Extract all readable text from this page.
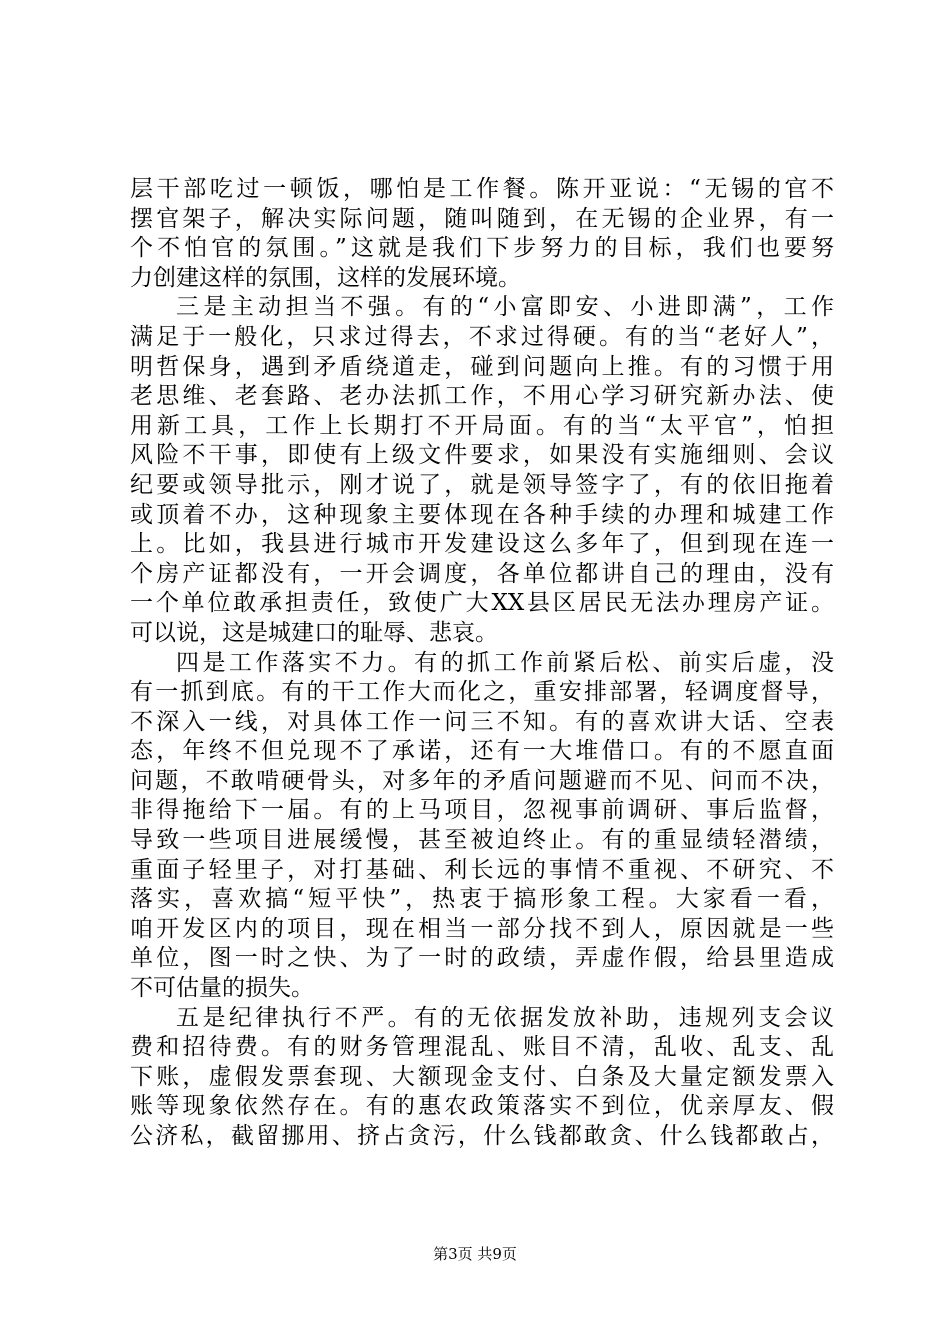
层干部吃过一顿饭，哪怕是工作餐。陈开亚说：“无锡的官不
摆官架子，解决实际问题，随叫随到，在无锡的企业界，有一
个不怕官的氛围。”这就是我们下步努力的目标，我们也要努
力创建这样的氛围，这样的发展环境。
三是主动担当不强。有的“小富即安、小进即满”，工作
满足于一般化，只求过得去，不求过得硬。有的当“老好人”，
明哲保身，遇到矛盾绕道走，碰到问题向上推。有的习惯于用
老思维、老套路、老办法抓工作，不用心学习研究新办法、使
用新工具，工作上长期打不开局面。有的当“太平官”，怕担
风险不干事，即使有上级文件要求，如果没有实施细则、会议
纪要或领导批示，刚才说了，就是领导签字了，有的依旧拖着
或顶着不办，这种现象主要体现在各种手续的办理和城建工作
上。比如，我县进行城市开发建设这么多年了，但到现在连一
个房产证都没有，一开会调度，各单位都讲自己的理由，没有
一个单位敢承担责任，致使广大XX县区居民无法办理房产证。
可以说，这是城建口的耻辱、悲哀。
四是工作落实不力。有的抓工作前紧后松、前实后虚，没
有一抓到底。有的干工作大而化之，重安排部署，轻调度督导，
不深入一线，对具体工作一问三不知。有的喜欢讲大话、空表
态，年终不但兑现不了承诺，还有一大堆借口。有的不愿直面
问题，不敢啃硬骨头，对多年的矛盾问题避而不见、问而不决，
非得拖给下一届。有的上马项目，忽视事前调研、事后监督，
导致一些项目进展缓慢，甚至被迫终止。有的重显绩轻潜绩，
重面子轻里子，对打基础、利长远的事情不重视、不研究、不
落实，喜欢搞“短平快”，热衷于搞形象工程。大家看一看，
咱开发区内的项目，现在相当一部分找不到人，原因就是一些
单位，图一时之快、为了一时的政绩，弄虚作假，给县里造成
不可估量的损失。
五是纪律执行不严。有的无依据发放补助，违规列支会议
费和招待费。有的财务管理混乱、账目不清，乱收、乱支、乱
下账，虚假发票套现、大额现金支付、白条及大量定额发票入
账等现象依然存在。有的惠农政策落实不到位，优亲厚友、假
公济私，截留挪用、挤占贪污，什么钱都敢贪、什么钱都敢占，
第3页 共9页
